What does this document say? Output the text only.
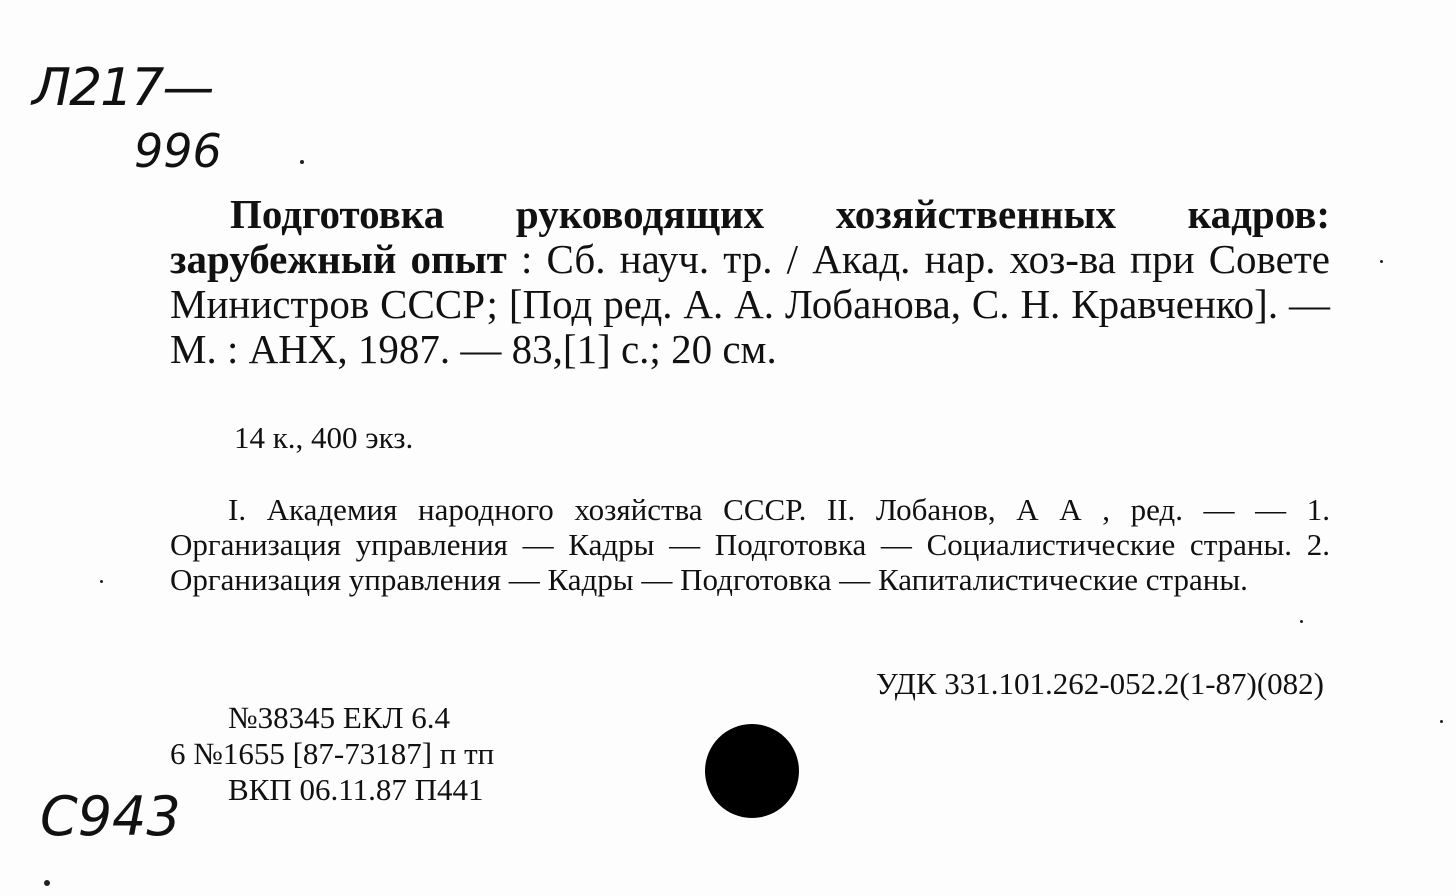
Л217—
996

Подготовка руководящих хозяйственных кадров: зарубежный опыт : Сб. науч. тр. / Акад. нар. хоз-ва при Совете Министров СССР; [Под ред. А. А. Лобанова, С. Н. Кравченко]. — М. : АНХ, 1987. — 83,[1] с.; 20 см.

14 к., 400 экз.

I. Академия народного хозяйства СССР. II. Лобанов, А А , ред. — — 1. Организация управления — Кадры — Подготовка — Социалистические страны. 2. Организация управления — Кадры — Подготовка — Капиталистические страны.

УДК 331.101.262-052.2(1-87)(082)
№38345 ЕКЛ 6.4
6 №1655 [87-73187] п тп
ВКП 06.11.87 П441
С943
